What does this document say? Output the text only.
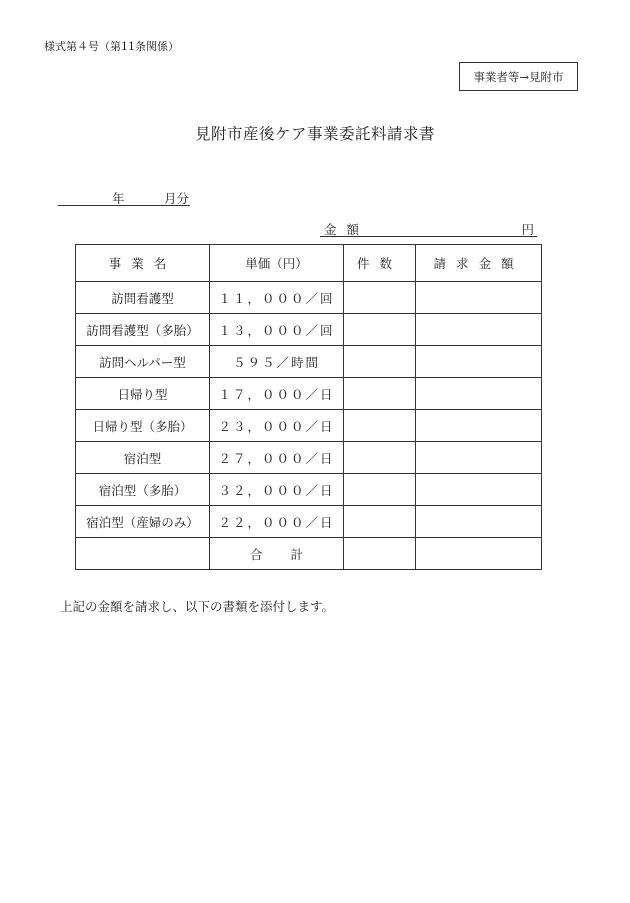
様式第４号（第11条関係）
事業者等→見附市
見附市産後ケア事業委託料請求書
年	月分
金額	円
事業名	単価（円）	件数	請求金額
訪問看護型	１１，０００／回		
訪問看護型（多胎）	１３，０００／回		
訪問ヘルパー型	５９５／時間		
日帰り型	１７，０００／日		
日帰り型（多胎）	２３，０００／日		
宿泊型	２７，０００／日		
宿泊型（多胎）	３２，０００／日		
宿泊型（産婦のみ）	２２，０００／日		
	合計		
上記の金額を請求し、以下の書類を添付します。
